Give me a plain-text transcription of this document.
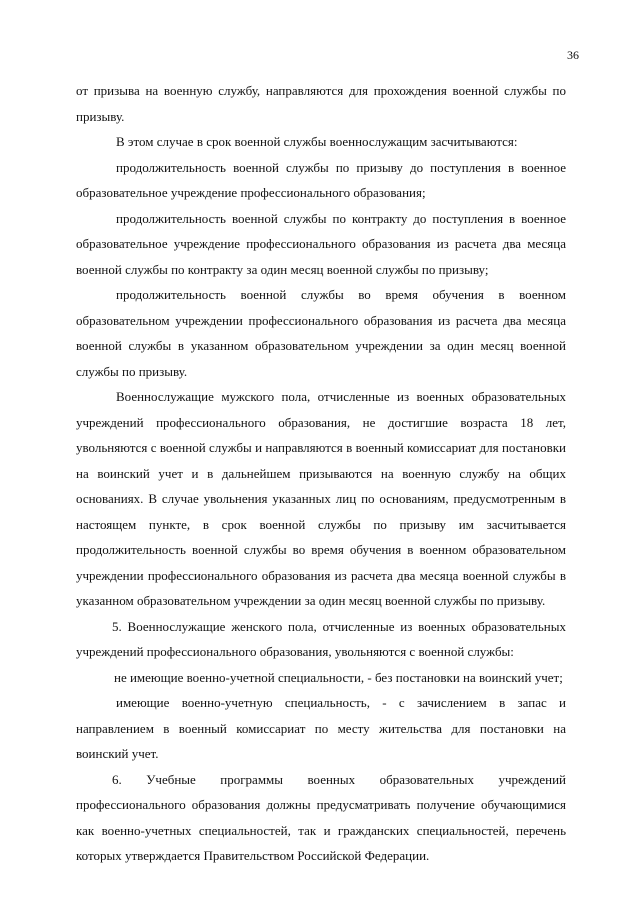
36

от призыва на военную службу, направляются для прохождения военной службы по призыву.

В этом случае в срок военной службы военнослужащим засчитываются:

продолжительность военной службы по призыву до поступления в военное образовательное учреждение профессионального образования;

продолжительность военной службы по контракту до поступления в военное образовательное учреждение профессионального образования из расчета два месяца военной службы по контракту за один месяц военной службы по призыву;

продолжительность военной службы во время обучения в военном образовательном учреждении профессионального образования из расчета два месяца военной службы в указанном образовательном учреждении за один месяц военной службы по призыву.

Военнослужащие мужского пола, отчисленные из военных образовательных учреждений профессионального образования, не достигшие возраста 18 лет, увольняются с военной службы и направляются в военный комиссариат для постановки на воинский учет и в дальнейшем призываются на военную службу на общих основаниях. В случае увольнения указанных лиц по основаниям, предусмотренным в настоящем пункте, в срок военной службы по призыву им засчитывается продолжительность военной службы во время обучения в военном образовательном учреждении профессионального образования из расчета два месяца военной службы в указанном образовательном учреждении за один месяц военной службы по призыву.

5. Военнослужащие женского пола, отчисленные из военных образовательных учреждений профессионального образования, увольняются с военной службы:

не имеющие военно-учетной специальности, - без постановки на воинский учет;

имеющие военно-учетную специальность, - с зачислением в запас и направлением в военный комиссариат по месту жительства для постановки на воинский учет.

6. Учебные программы военных образовательных учреждений профессионального образования должны предусматривать получение обучающимися как военно-учетных специальностей, так и гражданских специальностей, перечень которых утверждается Правительством Российской Федерации.
